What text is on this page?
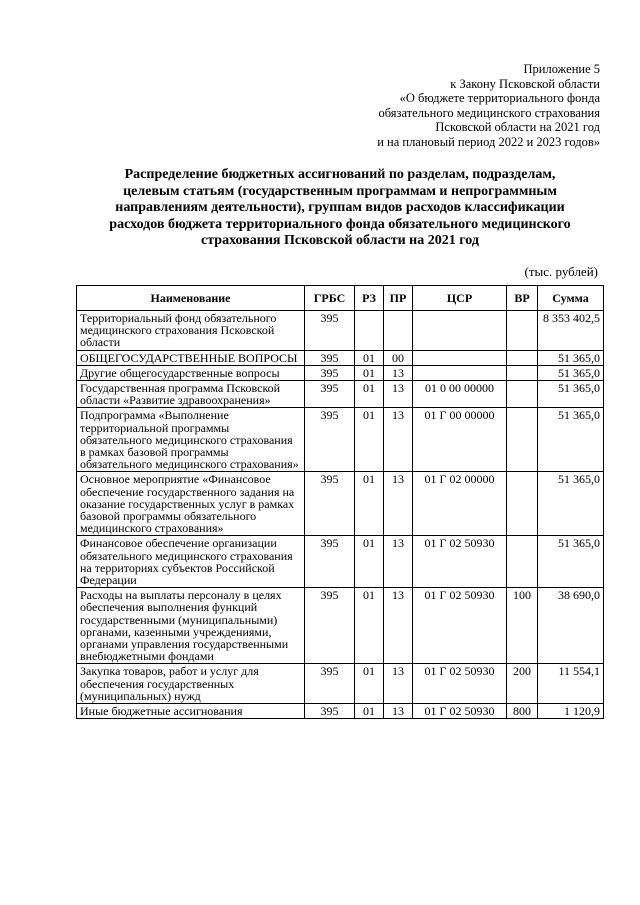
Приложение 5
к Закону Псковской области
«О бюджете территориального фонда
обязательного медицинского страхования
Псковской области на 2021 год
и на плановый период 2022 и 2023 годов»
Распределение бюджетных ассигнований по разделам, подразделам,
целевым статьям (государственным программам и непрограммным
направлениям деятельности), группам видов расходов классификации
расходов бюджета территориального фонда обязательного медицинского
страхования Псковской области на 2021 год
(тыс. рублей)
Наименование	ГРБС	РЗ	ПР	ЦСР	ВР	Сумма
Территориальный фонд обязательного медицинского страхования Псковской области	395					8 353 402,5
ОБЩЕГОСУДАРСТВЕННЫЕ ВОПРОСЫ	395	01	00			51 365,0
Другие общегосударственные вопросы	395	01	13			51 365,0
Государственная программа Псковской области «Развитие здравоохранения»	395	01	13	01 0 00 00000		51 365,0
Подпрограмма «Выполнение территориальной программы обязательного медицинского страхования в рамках базовой программы обязательного медицинского страхования»	395	01	13	01 Г 00 00000		51 365,0
Основное мероприятие «Финансовое обеспечение государственного задания на оказание государственных услуг в рамках базовой программы обязательного медицинского страхования»	395	01	13	01 Г 02 00000		51 365,0
Финансовое обеспечение организации обязательного медицинского страхования на территориях субъектов Российской Федерации	395	01	13	01 Г 02 50930		51 365,0
Расходы на выплаты персоналу в целях обеспечения выполнения функций государственными (муниципальными) органами, казенными учреждениями, органами управления государственными внебюджетными фондами	395	01	13	01 Г 02 50930	100	38 690,0
Закупка товаров, работ и услуг для обеспечения государственных (муниципальных) нужд	395	01	13	01 Г 02 50930	200	11 554,1
Иные бюджетные ассигнования	395	01	13	01 Г 02 50930	800	1 120,9
